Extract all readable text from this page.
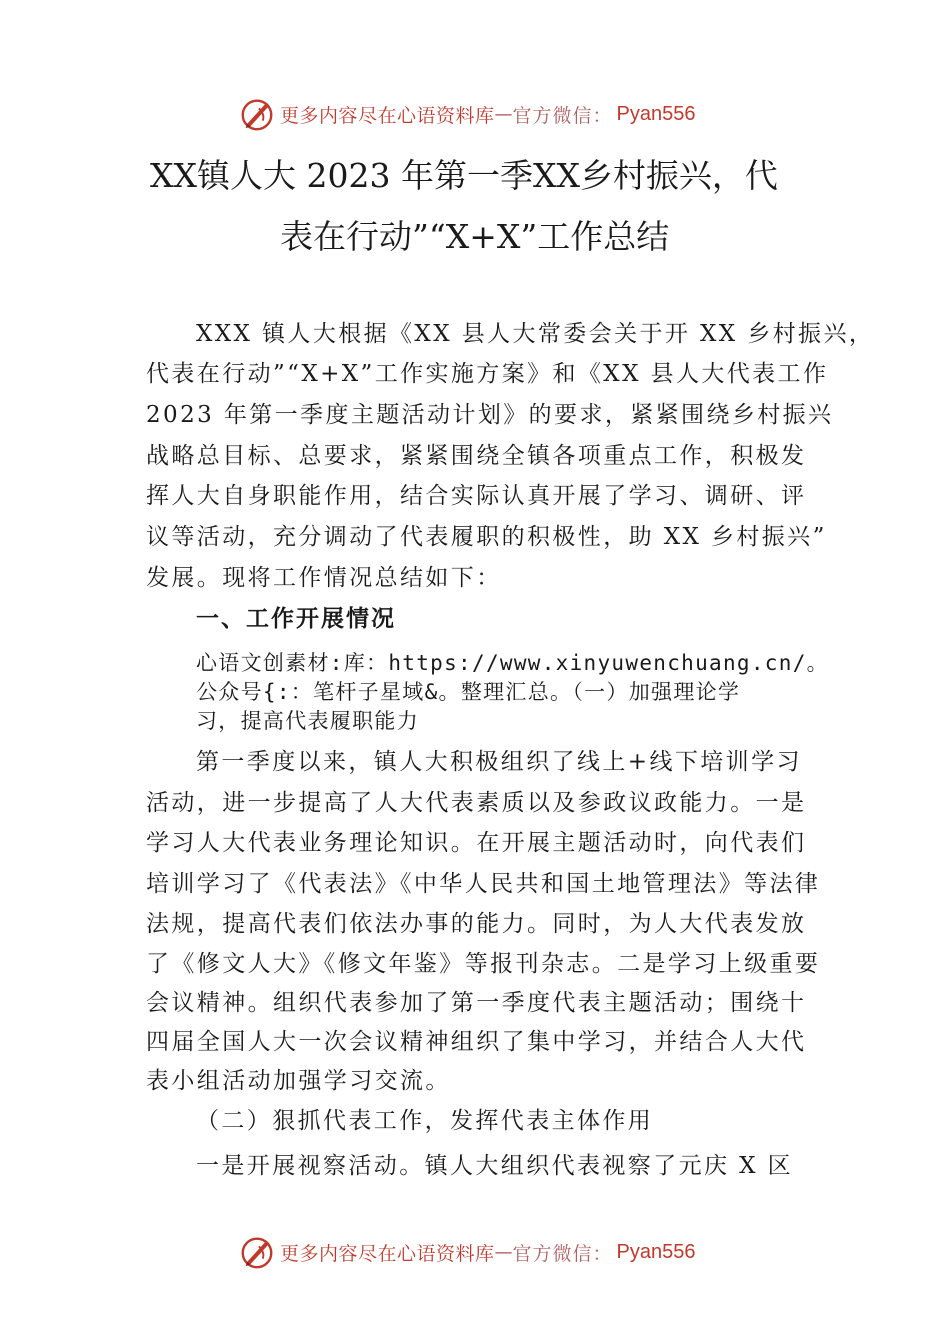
更多内容尽在心语资料库 — 官方微信： Pyan556
XX镇人大 2023 年第一季XX乡村振兴，代
表在行动”“X+X”工作总结
XXX 镇人大根据《XX 县人大常委会关于开 XX 乡村振兴，
代表在行动”“X+X”工作实施方案》和《XX 县人大代表工作
2023 年第一季度主题活动计划》的要求，紧紧围绕乡村振兴
战略总目标、总要求，紧紧围绕全镇各项重点工作，积极发
挥人大自身职能作用，结合实际认真开展了学习、调研、评
议等活动，充分调动了代表履职的积极性，助 XX 乡村振兴”
发展。现将工作情况总结如下：
一、工作开展情况
心语文创素材:库：https://www.xinyuwenchuang.cn/。
公众号{:：笔杆子星域&。整理汇总。（一）加强理论学
习，提高代表履职能力
第一季度以来，镇人大积极组织了线上+线下培训学习
活动，进一步提高了人大代表素质以及参政议政能力。一是
学习人大代表业务理论知识。在开展主题活动时，向代表们
培训学习了《代表法》《中华人民共和国土地管理法》等法律
法规，提高代表们依法办事的能力。同时，为人大代表发放
了《修文人大》《修文年鉴》等报刊杂志。二是学习上级重要
会议精神。组织代表参加了第一季度代表主题活动；围绕十
四届全国人大一次会议精神组织了集中学习，并结合人大代
表小组活动加强学习交流。
（二）狠抓代表工作，发挥代表主体作用
一是开展视察活动。镇人大组织代表视察了元庆 X 区
更多内容尽在心语资料库 — 官方微信： Pyan556
